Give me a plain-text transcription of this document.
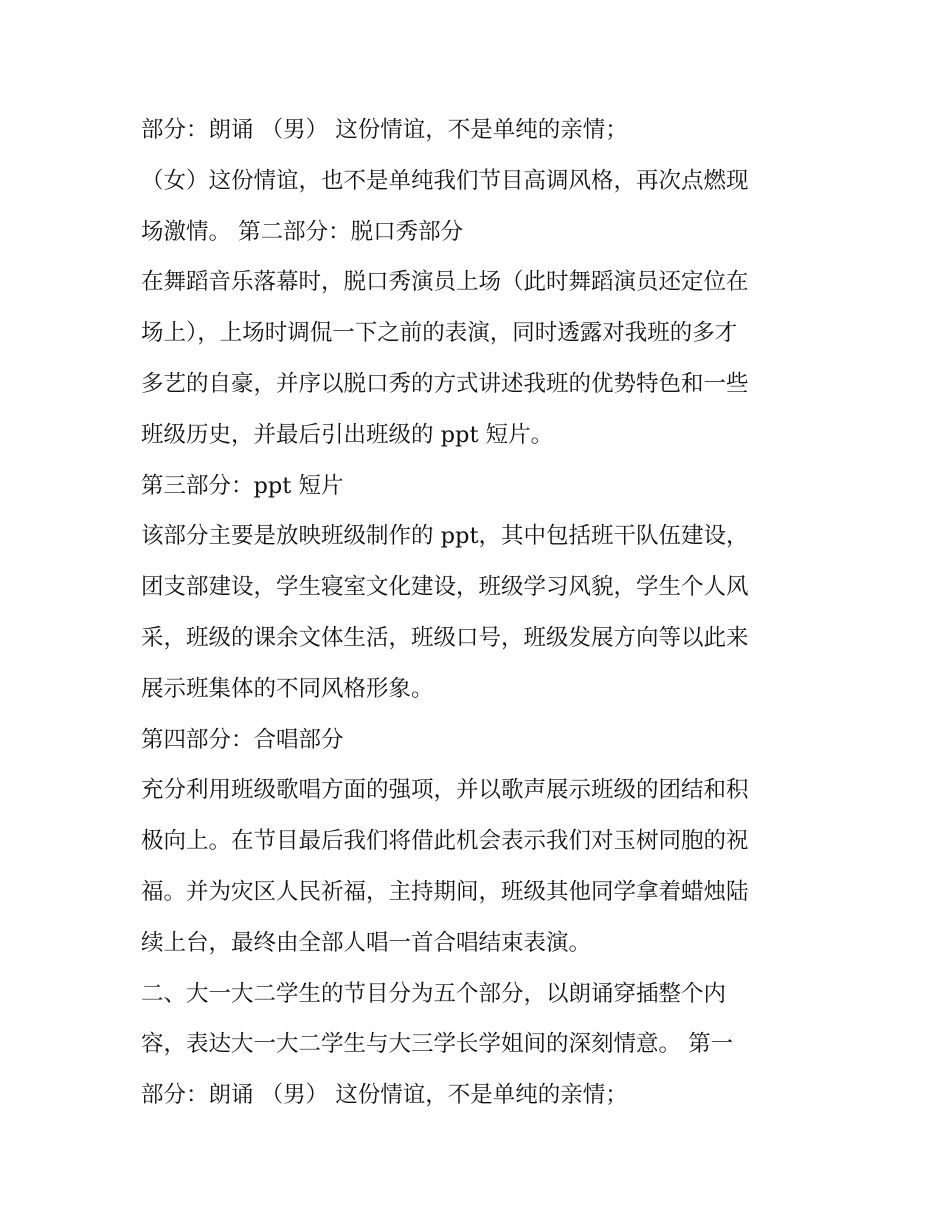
部分：朗诵 （男） 这份情谊，不是单纯的亲情；
（女）这份情谊，也不是单纯我们节目高调风格，再次点燃现
场激情。 第二部分：脱口秀部分
在舞蹈音乐落幕时，脱口秀演员上场（此时舞蹈演员还定位在
场上），上场时调侃一下之前的表演，同时透露对我班的多才
多艺的自豪，并序以脱口秀的方式讲述我班的优势特色和一些
班级历史，并最后引出班级的 ppt 短片。
第三部分：ppt 短片
该部分主要是放映班级制作的 ppt，其中包括班干队伍建设，
团支部建设，学生寝室文化建设，班级学习风貌，学生个人风
采，班级的课余文体生活，班级口号，班级发展方向等以此来
展示班集体的不同风格形象。
第四部分：合唱部分
充分利用班级歌唱方面的强项，并以歌声展示班级的团结和积
极向上。在节目最后我们将借此机会表示我们对玉树同胞的祝
福。并为灾区人民祈福，主持期间，班级其他同学拿着蜡烛陆
续上台，最终由全部人唱一首合唱结束表演。
二、大一大二学生的节目分为五个部分，以朗诵穿插整个内
容，表达大一大二学生与大三学长学姐间的深刻情意。 第一
部分：朗诵 （男） 这份情谊，不是单纯的亲情；
